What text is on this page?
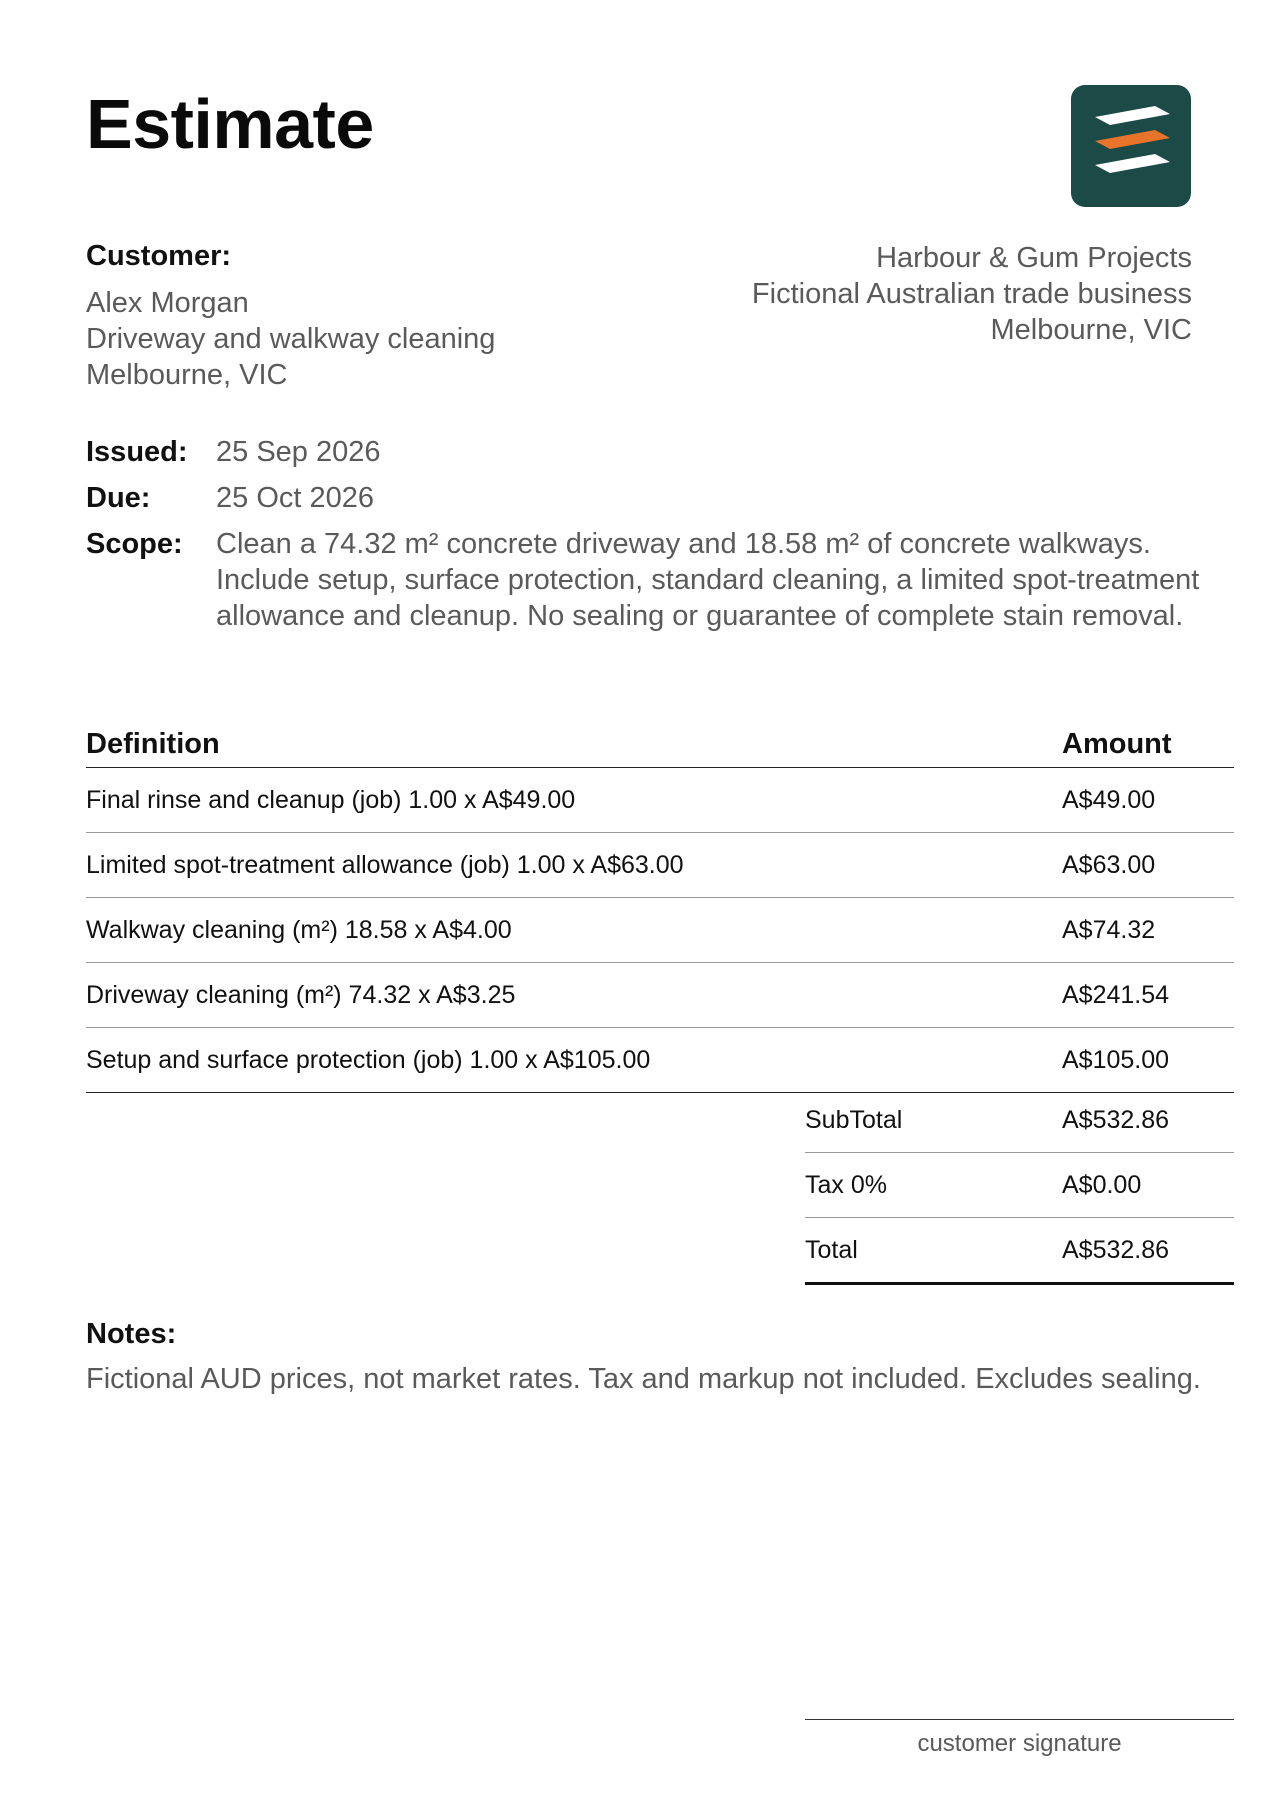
Estimate
Customer:
Alex Morgan
Driveway and walkway cleaning
Melbourne, VIC
Harbour & Gum Projects
Fictional Australian trade business
Melbourne, VIC
Issued: 25 Sep 2026
Due:	25 Oct 2026
Scope:	Clean a 74.32 m² concrete driveway and 18.58 m² of concrete walkways. Include setup, surface protection, standard cleaning, a limited spot-treatment allowance and cleanup. No sealing or guarantee of complete stain removal.
Definition	Amount
Final rinse and cleanup (job) 1.00 x A$49.00	A$49.00
Limited spot-treatment allowance (job) 1.00 x A$63.00	A$63.00
Walkway cleaning (m²) 18.58 x A$4.00	A$74.32
Driveway cleaning (m²) 74.32 x A$3.25	A$241.54
Setup and surface protection (job) 1.00 x A$105.00	A$105.00
SubTotal	A$532.86
Tax 0%	A$0.00
Total	A$532.86
Notes:
Fictional AUD prices, not market rates. Tax and markup not included. Excludes sealing.
customer signature
